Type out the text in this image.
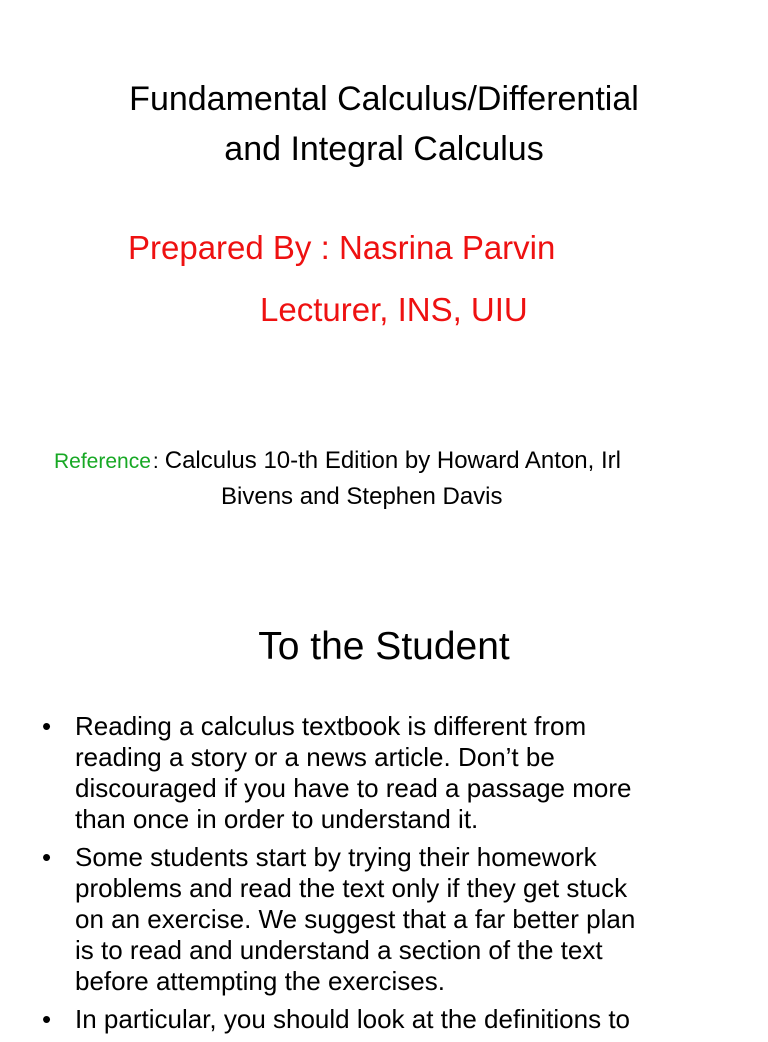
Fundamental Calculus/Differential
and Integral Calculus
Prepared By : Nasrina Parvin
Lecturer, INS, UIU
Reference: Calculus 10-th Edition by Howard Anton, Irl
Bivens and Stephen Davis
To the Student
• Reading a calculus textbook is different from
reading a story or a news article. Don’t be
discouraged if you have to read a passage more
than once in order to understand it.
• Some students start by trying their homework
problems and read the text only if they get stuck
on an exercise. We suggest that a far better plan
is to read and understand a section of the text
before attempting the exercises.
• In particular, you should look at the definitions to
